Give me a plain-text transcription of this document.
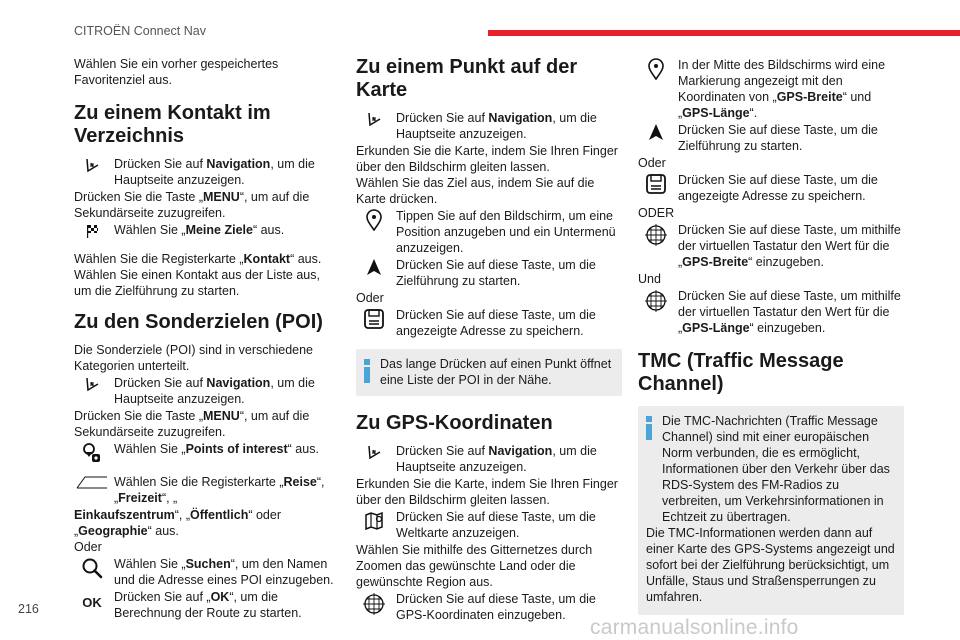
CITROËN Connect Nav

Wählen Sie ein vorher gespeichertes Favoritenziel aus.

Zu einem Kontakt im Verzeichnis
Drücken Sie auf Navigation, um die Hauptseite anzuzeigen.

Drücken Sie die Taste „MENU“, um auf die Sekundärseite zuzugreifen.

Wählen Sie „Meine Ziele“ aus.

Wählen Sie die Registerkarte „Kontakt“ aus.

Wählen Sie einen Kontakt aus der Liste aus, um die Zielführung zu starten.

Zu den Sonderzielen (POI)

Die Sonderziele (POI) sind in verschiedene Kategorien unterteilt.

Drücken Sie auf Navigation, um die Hauptseite anzuzeigen.

Drücken Sie die Taste „MENU“, um auf die Sekundärseite zuzugreifen.

Wählen Sie „Points of interest“ aus.
Wählen Sie die Registerkarte „Reise“, „Freizeit“, „

Einkaufszentrum“, „Öffentlich“ oder „Geographie“ aus.

Oder

Wählen Sie „Suchen“, um den Namen und die Adresse eines POI einzugeben.
OK Drücken Sie auf „OK“, um die Berechnung der Route zu starten.
Zu einem Punkt auf der Karte
Drücken Sie auf Navigation, um die Hauptseite anzuzeigen.

Erkunden Sie die Karte, indem Sie Ihren Finger über den Bildschirm gleiten lassen.

Wählen Sie das Ziel aus, indem Sie auf die Karte drücken.

Tippen Sie auf den Bildschirm, um eine Position anzugeben und ein Untermenü anzuzeigen.
Drücken Sie auf diese Taste, um die Zielführung zu starten.

Oder

Drücken Sie auf diese Taste, um die angezeigte Adresse zu speichern.
Das lange Drücken auf einen Punkt öffnet eine Liste der POI in der Nähe.
Zu GPS-Koordinaten
Drücken Sie auf Navigation, um die Hauptseite anzuzeigen.

Erkunden Sie die Karte, indem Sie Ihren Finger über den Bildschirm gleiten lassen.

Drücken Sie auf diese Taste, um die Weltkarte anzuzeigen.

Wählen Sie mithilfe des Gitternetzes durch Zoomen das gewünschte Land oder die gewünschte Region aus.

Drücken Sie auf diese Taste, um die GPS-Koordinaten einzugeben.
In der Mitte des Bildschirms wird eine Markierung angezeigt mit den Koordinaten von „GPS-Breite“ und „GPS-Länge“.
Drücken Sie auf diese Taste, um die Zielführung zu starten.

Oder

Drücken Sie auf diese Taste, um die angezeigte Adresse zu speichern.

ODER

Drücken Sie auf diese Taste, um mithilfe der virtuellen Tastatur den Wert für die „GPS-Breite“ einzugeben.

Und

Drücken Sie auf diese Taste, um mithilfe der virtuellen Tastatur den Wert für die „GPS-Länge“ einzugeben.
TMC (Traffic Message Channel)
Die TMC-Nachrichten (Traffic Message Channel) sind mit einer europäischen Norm verbunden, die es ermöglicht, Informationen über den Verkehr über das RDS-System des FM-Radios zu verbreiten, um Verkehrsinformationen in Echtzeit zu übertragen.
Die TMC-Informationen werden dann auf einer Karte des GPS-Systems angezeigt und sofort bei der Zielführung berücksichtigt, um Unfälle, Staus und Straßensperrungen zu umfahren.
216
carmanualsonline.info
